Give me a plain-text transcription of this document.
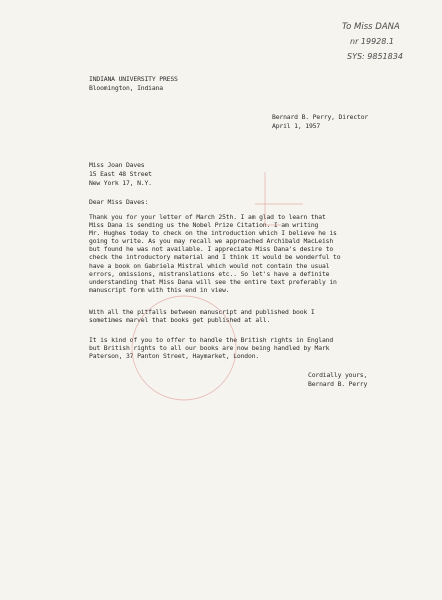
To Miss DANA
nr 19928.1
SYS: 9851834
INDIANA UNIVERSITY PRESS
Bloomington, Indiana
Bernard B. Perry, Director
April 1, 1957
Miss Joan Daves
15 East 48 Street
New York 17, N.Y.
Dear Miss Daves:
Thank you for your letter of March 25th. I am glad to learn that
Miss Dana is sending us the Nobel Prize Citation. I am writing
Mr. Hughes today to check on the introduction which I believe he is
going to write. As you may recall we approached Archibald MacLeish
but found he was not available. I appreciate Miss Dana's desire to
check the introductory material and I think it would be wonderful to
have a book on Gabriela Mistral which would not contain the usual
errors, omissions, mistranslations etc.. So let's have a definite
understanding that Miss Dana will see the entire text preferably in
manuscript form with this end in view.
With all the pitfalls between manuscript and published book I
sometimes marvel that books get published at all.
It is kind of you to offer to handle the British rights in England
but British rights to all our books are now being handled by Mark
Paterson, 37 Panton Street, Haymarket, London.
Cordially yours,
Bernard B. Perry
